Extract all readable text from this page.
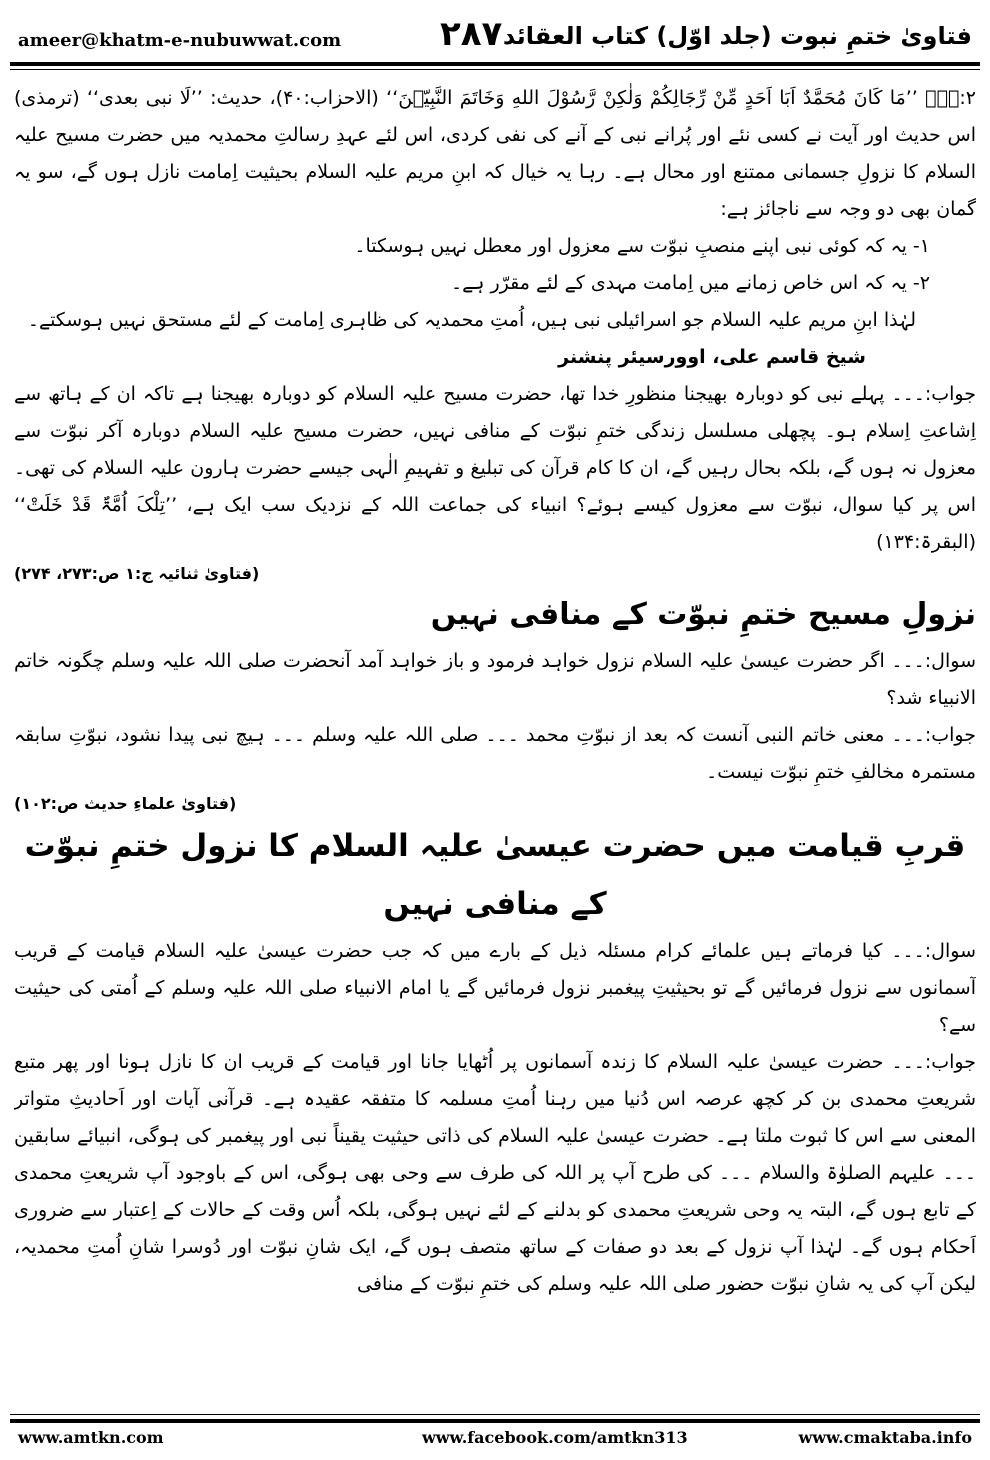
ameer@khatm-e-nubuwwat.com	۲۸۷ فتاویٰ ختمِ نبوت (جلد اوّل) کتاب العقائد

۲:۔۔۔ ’’مَا کَانَ مُحَمَّدٌ اَبَا اَحَدٍ مِّنْ رِّجَالِکُمْ وَلٰکِنْ رَّسُوْلَ اللهِ وَخَاتَمَ النَّبِیّٖنَ‘‘ (الاحزاب:۴۰)، حدیث: ’’لَا نبی بعدی‘‘ (ترمذی) اس حدیث اور آیت نے کسی نئے اور پُرانے نبی کے آنے کی نفی کردی، اس لئے عہدِ رسالتِ محمدیہ میں حضرت مسیح علیہ السلام کا نزولِ جسمانی ممتنع اور محال ہے۔ رہا یہ خیال کہ ابنِ مریم علیہ السلام بحیثیت اِمامت نازل ہوں گے، سو یہ گمان بھی دو وجہ سے ناجائز ہے:

۱- یہ کہ کوئی نبی اپنے منصبِ نبوّت سے معزول اور معطل نہیں ہوسکتا۔

۲- یہ کہ اس خاص زمانے میں اِمامت مہدی کے لئے مقرّر ہے۔

لہٰذا ابنِ مریم علیہ السلام جو اسرائیلی نبی ہیں، اُمتِ محمدیہ کی ظاہری اِمامت کے لئے مستحق نہیں ہوسکتے۔

شیخ قاسم علی، اوورسیئر پنشنر

جواب:۔۔۔ پہلے نبی کو دوبارہ بھیجنا منظورِ خدا تھا، حضرت مسیح علیہ السلام کو دوبارہ بھیجنا ہے تاکہ ان کے ہاتھ سے اِشاعتِ اِسلام ہو۔ پچھلی مسلسل زندگی ختمِ نبوّت کے منافی نہیں، حضرت مسیح علیہ السلام دوبارہ آکر نبوّت سے معزول نہ ہوں گے، بلکہ بحال رہیں گے، ان کا کام قرآن کی تبلیغ و تفہیمِ الٰہی جیسے حضرت ہارون علیہ السلام کی تھی۔ اس پر کیا سوال، نبوّت سے معزول کیسے ہوئے؟ انبیاء کی جماعت اللہ کے نزدیک سب ایک ہے، ’’تِلْکَ اُمَّۃٌ قَدْ خَلَتْ‘‘ (البقرۃ:۱۳۴)

(فتاویٰ ثنائیہ ج:۱ ص:۲۷۳، ۲۷۴)

نزولِ مسیح ختمِ نبوّت کے منافی نہیں

سوال:۔۔۔ اگر حضرت عیسیٰ علیہ السلام نزول خواہد فرمود و باز خواہد آمد آنحضرت صلی اللہ علیہ وسلم چگونہ خاتم الانبیاء شد؟

جواب:۔۔۔ معنی خاتم النبی آنست کہ بعد از نبوّتِ محمد ۔۔۔ صلی اللہ علیہ وسلم ۔۔۔ ہیچ نبی پیدا نشود، نبوّتِ سابقہ مستمرہ مخالفِ ختمِ نبوّت نیست۔

(فتاویٰ علماءِ حدیث ص:۱۰۲)

قربِ قیامت میں حضرت عیسیٰ علیہ السلام کا نزول ختمِ نبوّت کے منافی نہیں

سوال:۔۔۔ کیا فرماتے ہیں علمائے کرام مسئلہ ذیل کے بارے میں کہ جب حضرت عیسیٰ علیہ السلام قیامت کے قریب آسمانوں سے نزول فرمائیں گے تو بحیثیتِ پیغمبر نزول فرمائیں گے یا امام الانبیاء صلی اللہ علیہ وسلم کے اُمتی کی حیثیت سے؟

جواب:۔۔۔ حضرت عیسیٰ علیہ السلام کا زندہ آسمانوں پر اُٹھایا جانا اور قیامت کے قریب ان کا نازل ہونا اور پھر متبع شریعتِ محمدی بن کر کچھ عرصہ اس دُنیا میں رہنا اُمتِ مسلمہ کا متفقہ عقیدہ ہے۔ قرآنی آیات اور اَحادیثِ متواتر المعنی سے اس کا ثبوت ملتا ہے۔ حضرت عیسیٰ علیہ السلام کی ذاتی حیثیت یقیناً نبی اور پیغمبر کی ہوگی، انبیائے سابقین ۔۔۔ علیہم الصلوٰۃ والسلام ۔۔۔ کی طرح آپ پر اللہ کی طرف سے وحی بھی ہوگی، اس کے باوجود آپ شریعتِ محمدی کے تابع ہوں گے، البتہ یہ وحی شریعتِ محمدی کو بدلنے کے لئے نہیں ہوگی، بلکہ اُس وقت کے حالات کے اِعتبار سے ضروری اَحکام ہوں گے۔ لہٰذا آپ نزول کے بعد دو صفات کے ساتھ متصف ہوں گے، ایک شانِ نبوّت اور دُوسرا شانِ اُمتِ محمدیہ، لیکن آپ کی یہ شانِ نبوّت حضور صلی اللہ علیہ وسلم کی ختمِ نبوّت کے منافی

www.amtkn.com	www.facebook.com/amtkn313	www.cmaktaba.info
